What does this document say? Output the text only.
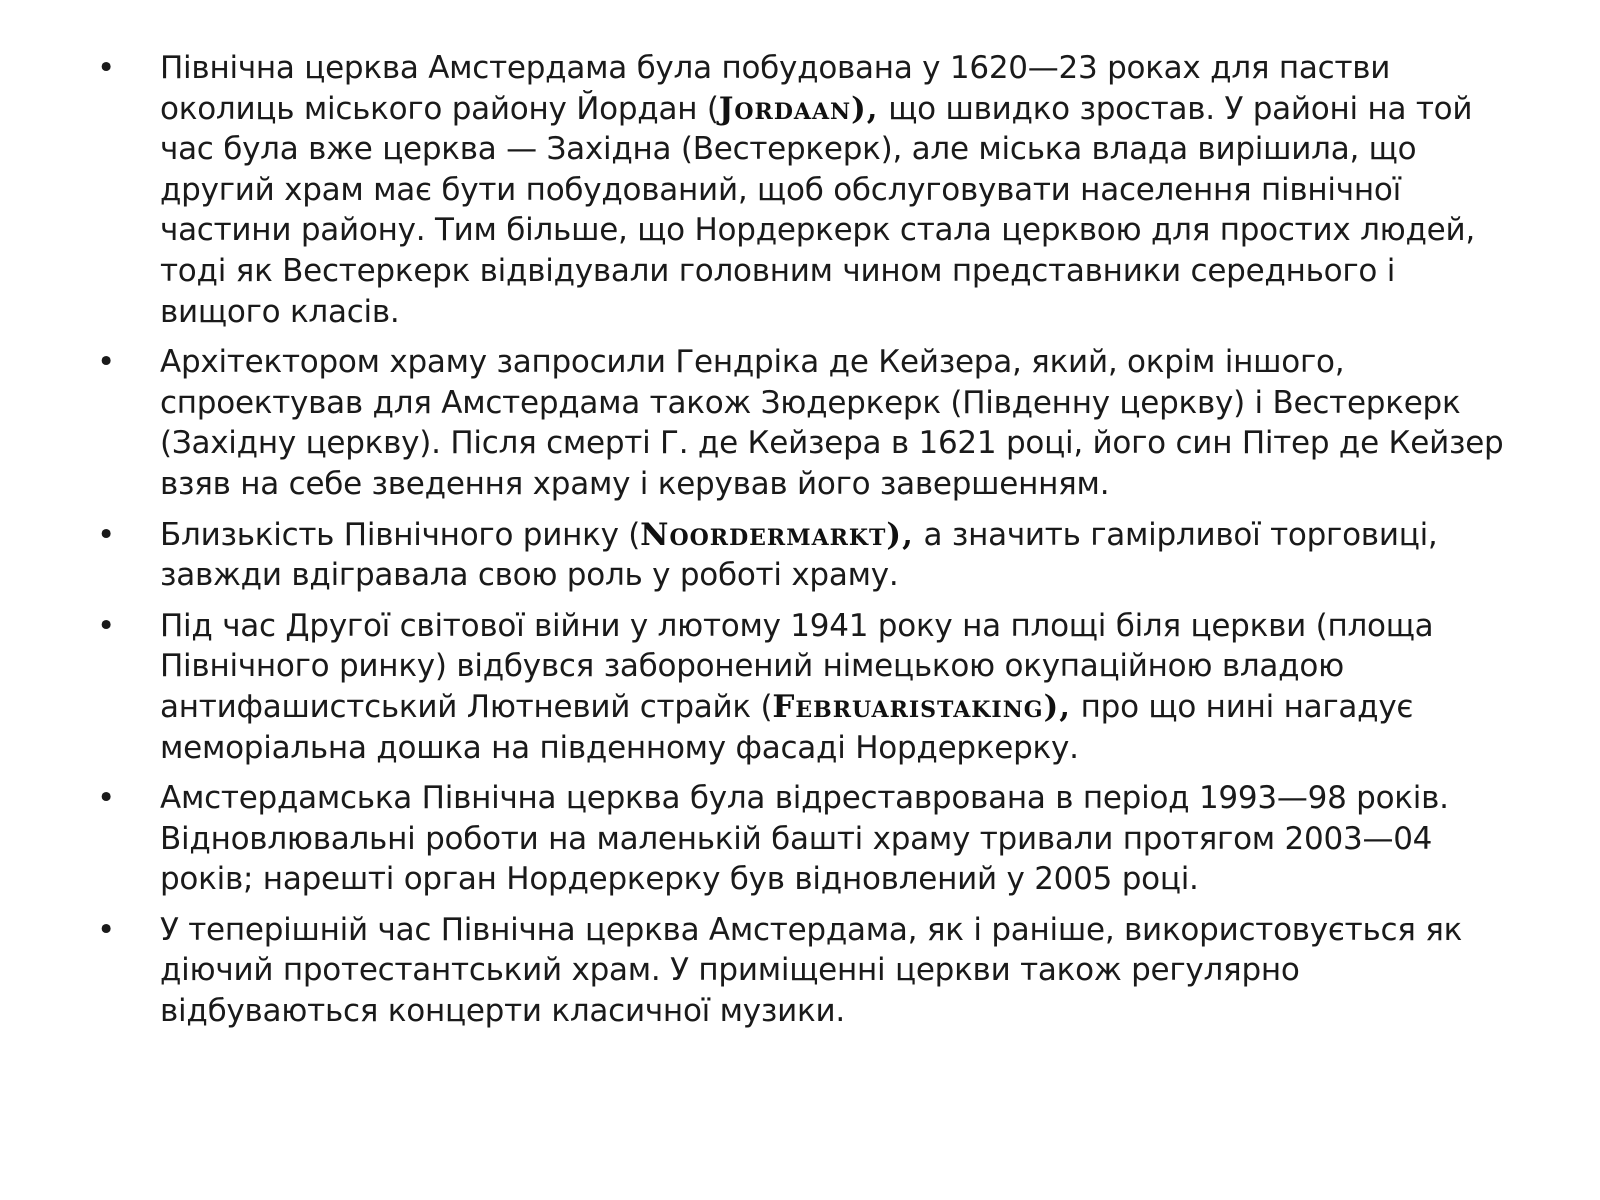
• Північна церква Амстердама була побудована у 1620—23 роках для пастви околиць міського району Йордан (Jordaan), що швидко зростав. У районі на той час була вже церква — Західна (Вестеркерк), але міська влада вирішила, що другий храм має бути побудований, щоб обслуговувати населення північної частини району. Тим більше, що Нордеркерк стала церквою для простих людей, тоді як Вестеркерк відвідували головним чином представники середнього і вищого класів.
• Архітектором храму запросили Гендріка де Кейзера, який, окрім іншого, спроектував для Амстердама також Зюдеркерк (Південну церкву) і Вестеркерк (Західну церкву). Після смерті Г. де Кейзера в 1621 році, його син Пітер де Кейзер взяв на себе зведення храму і керував його завершенням.
• Близькість Північного ринку (Noordermarkt), а значить гамірливої торговиці, завжди вдігравала свою роль у роботі храму.
• Під час Другої світової війни у лютому 1941 року на площі біля церкви (площа Північного ринку) відбувся заборонений німецькою окупаційною владою антифашистський Лютневий страйк (Februaristaking), про що нині нагадує меморіальна дошка на південному фасаді Нордеркерку.
• Амстердамська Північна церква була відреставрована в період 1993—98 років. Відновлювальні роботи на маленькій башті храму тривали протягом 2003—04 років; нарешті орган Нордеркерку був відновлений у 2005 році.
• У теперішній час Північна церква Амстердама, як і раніше, використовується як діючий протестантський храм. У приміщенні церкви також регулярно відбуваються концерти класичної музики.
